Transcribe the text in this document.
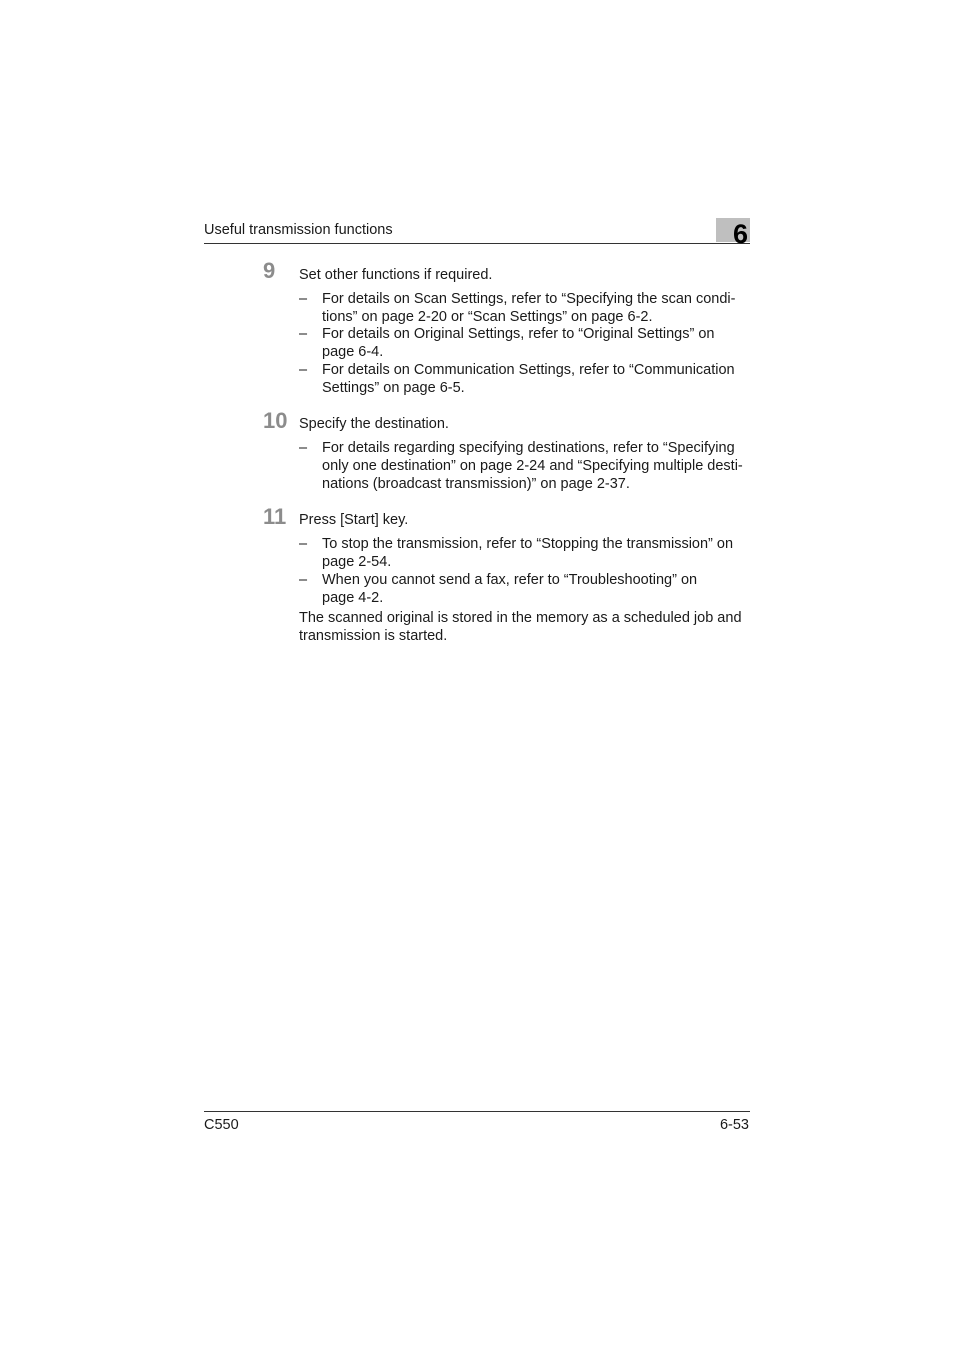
Useful transmission functions	6
9 Set other functions if required.
– For details on Scan Settings, refer to “Specifying the scan condi-
tions” on page 2-20 or “Scan Settings” on page 6-2.
– For details on Original Settings, refer to “Original Settings” on
page 6-4.
– For details on Communication Settings, refer to “Communication
Settings” on page 6-5.
10 Specify the destination.
– For details regarding specifying destinations, refer to “Specifying
only one destination” on page 2-24 and “Specifying multiple desti-
nations (broadcast transmission)” on page 2-37.
11 Press [Start] key.
– To stop the transmission, refer to “Stopping the transmission” on
page 2-54.
– When you cannot send a fax, refer to “Troubleshooting” on
page 4-2.
The scanned original is stored in the memory as a scheduled job and
transmission is started.
C550	6-53
